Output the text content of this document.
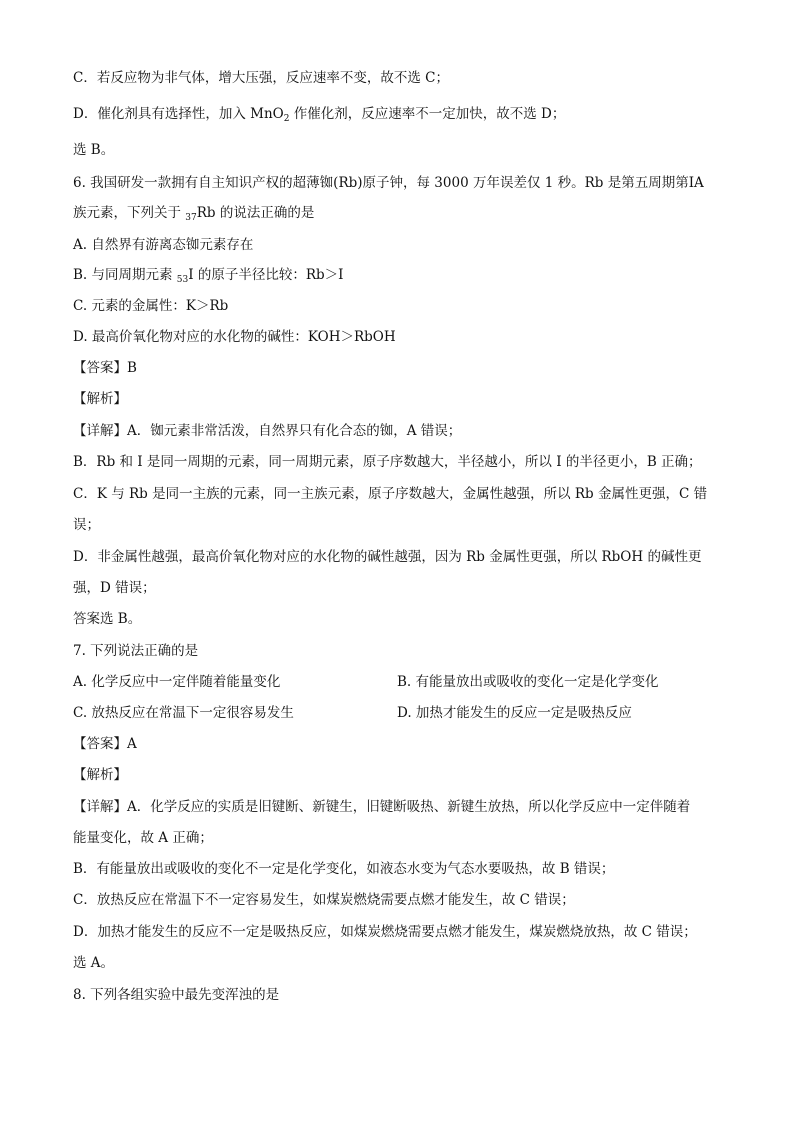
C．若反应物为非气体，增大压强，反应速率不变，故不选 C；
D．催化剂具有选择性，加入 MnO$_2$ 作催化剂，反应速率不一定加快，故不选 D；
选 B。
6. 我国研发一款拥有自主知识产权的超薄铷(Rb)原子钟，每 3000 万年误差仅 1 秒。Rb 是第五周期第ⅠA
族元素，下列关于 $_{37}$Rb 的说法正确的是
A. 自然界有游离态铷元素存在
B. 与同周期元素 $_{53}$I 的原子半径比较：Rb＞I
C. 元素的金属性：K＞Rb
D. 最高价氧化物对应的水化物的碱性：KOH＞RbOH
【答案】B
【解析】
【详解】A．铷元素非常活泼，自然界只有化合态的铷，A 错误；
B．Rb 和 I 是同一周期的元素，同一周期元素，原子序数越大，半径越小，所以 I 的半径更小，B 正确；
C．K 与 Rb 是同一主族的元素，同一主族元素，原子序数越大，金属性越强，所以 Rb 金属性更强，C 错
误；
D．非金属性越强，最高价氧化物对应的水化物的碱性越强，因为 Rb 金属性更强，所以 RbOH 的碱性更
强，D 错误；
答案选 B。
7. 下列说法正确的是
A. 化学反应中一定伴随着能量变化	B. 有能量放出或吸收的变化一定是化学变化
C. 放热反应在常温下一定很容易发生	D. 加热才能发生的反应一定是吸热反应
【答案】A
【解析】
【详解】A．化学反应的实质是旧键断、新键生，旧键断吸热、新键生放热，所以化学反应中一定伴随着
能量变化，故 A 正确；
B．有能量放出或吸收的变化不一定是化学变化，如液态水变为气态水要吸热，故 B 错误；
C．放热反应在常温下不一定容易发生，如煤炭燃烧需要点燃才能发生，故 C 错误；
D．加热才能发生的反应不一定是吸热反应，如煤炭燃烧需要点燃才能发生，煤炭燃烧放热，故 C 错误；
选 A。
8. 下列各组实验中最先变浑浊的是
